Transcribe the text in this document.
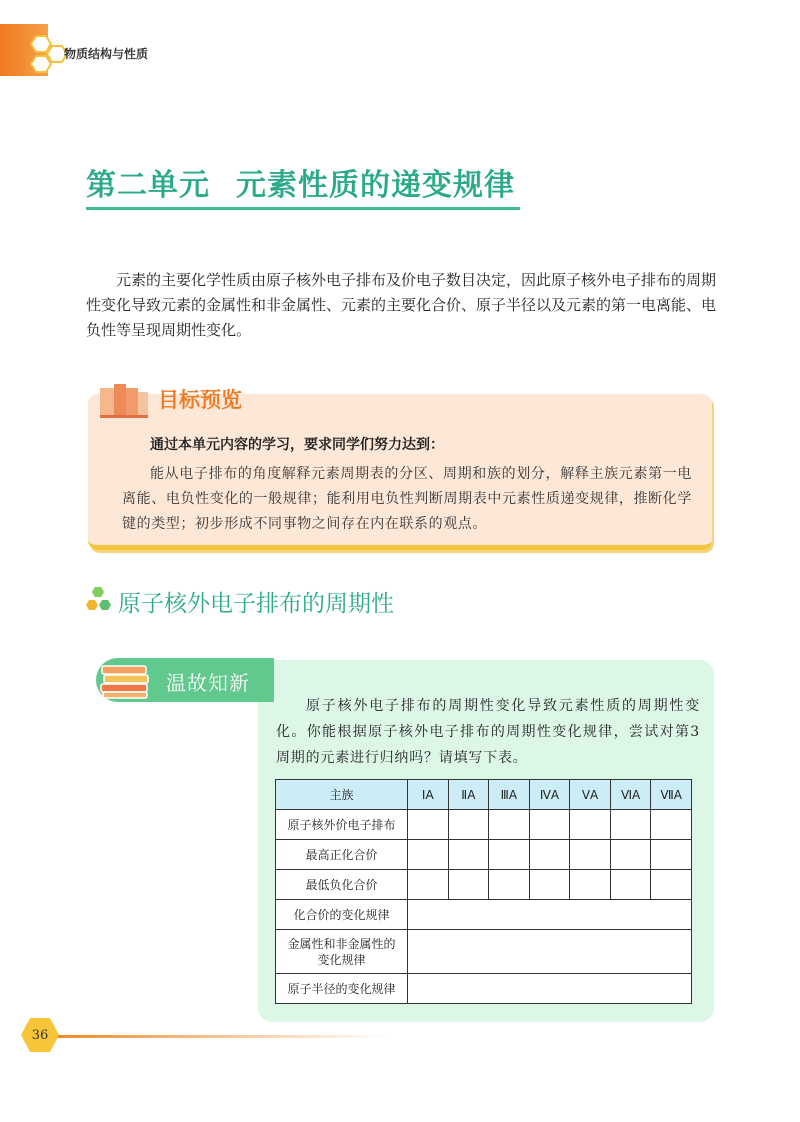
物质结构与性质
第二单元 元素性质的递变规律

元素的主要化学性质由原子核外电子排布及价电子数目决定，因此原子核外电子排布的周期性变化导致元素的金属性和非金属性、元素的主要化合价、原子半径以及元素的第一电离能、电负性等呈现周期性变化。

目标预览
通过本单元内容的学习，要求同学们努力达到：

能从电子排布的角度解释元素周期表的分区、周期和族的划分，解释主族元素第一电离能、电负性变化的一般规律；能利用电负性判断周期表中元素性质递变规律，推断化学键的类型；初步形成不同事物之间存在内在联系的观点。

原子核外电子排布的周期性
温故知新

原子核外电子排布的周期性变化导致元素性质的周期性变化。你能根据原子核外电子排布的周期性变化规律，尝试对第3周期的元素进行归纳吗？请填写下表。

主族	ⅠA	ⅡA	ⅢA	ⅣA	ⅤA	ⅥA	ⅦA
原子核外价电子排布							
最高正化合价							
最低负化合价							
化合价的变化规律							

金属性和非金属性的
变化规律							

原子半径的变化规律							
36
